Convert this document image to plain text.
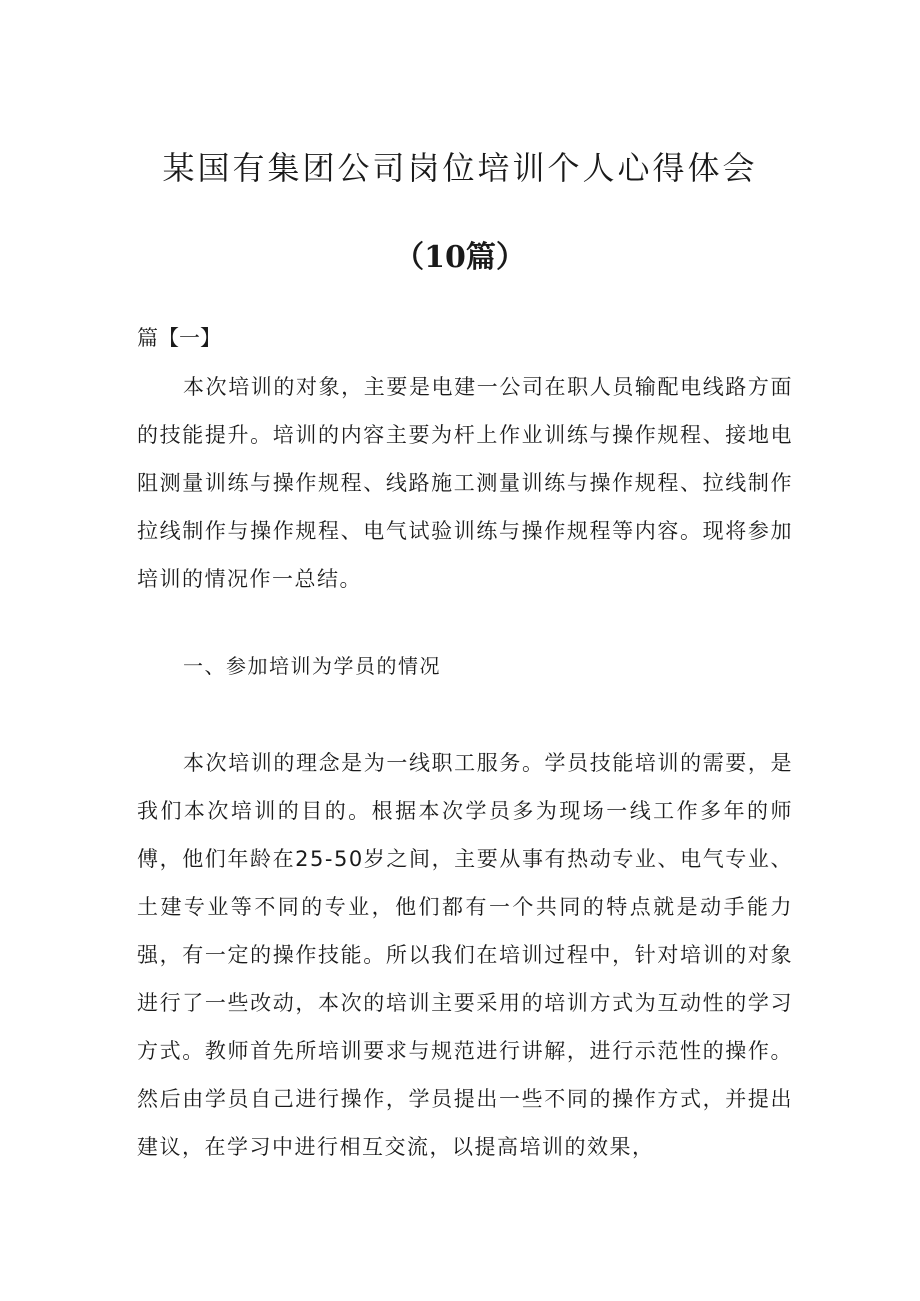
某国有集团公司岗位培训个人心得体会
（10篇）
篇【一】

本次培训的对象，主要是电建一公司在职人员输配电线路方面的技能提升。培训的内容主要为杆上作业训练与操作规程、接地电阻测量训练与操作规程、线路施工测量训练与操作规程、拉线制作拉线制作与操作规程、电气试验训练与操作规程等内容。现将参加培训的情况作一总结。

一、参加培训为学员的情况

本次培训的理念是为一线职工服务。学员技能培训的需要，是我们本次培训的目的。根据本次学员多为现场一线工作多年的师傅，他们年龄在25-50岁之间，主要从事有热动专业、电气专业、土建专业等不同的专业，他们都有一个共同的特点就是动手能力强，有一定的操作技能。所以我们在培训过程中，针对培训的对象进行了一些改动，本次的培训主要采用的培训方式为互动性的学习方式。教师首先所培训要求与规范进行讲解，进行示范性的操作。然后由学员自己进行操作，学员提出一些不同的操作方式，并提出建议，在学习中进行相互交流，以提高培训的效果，
